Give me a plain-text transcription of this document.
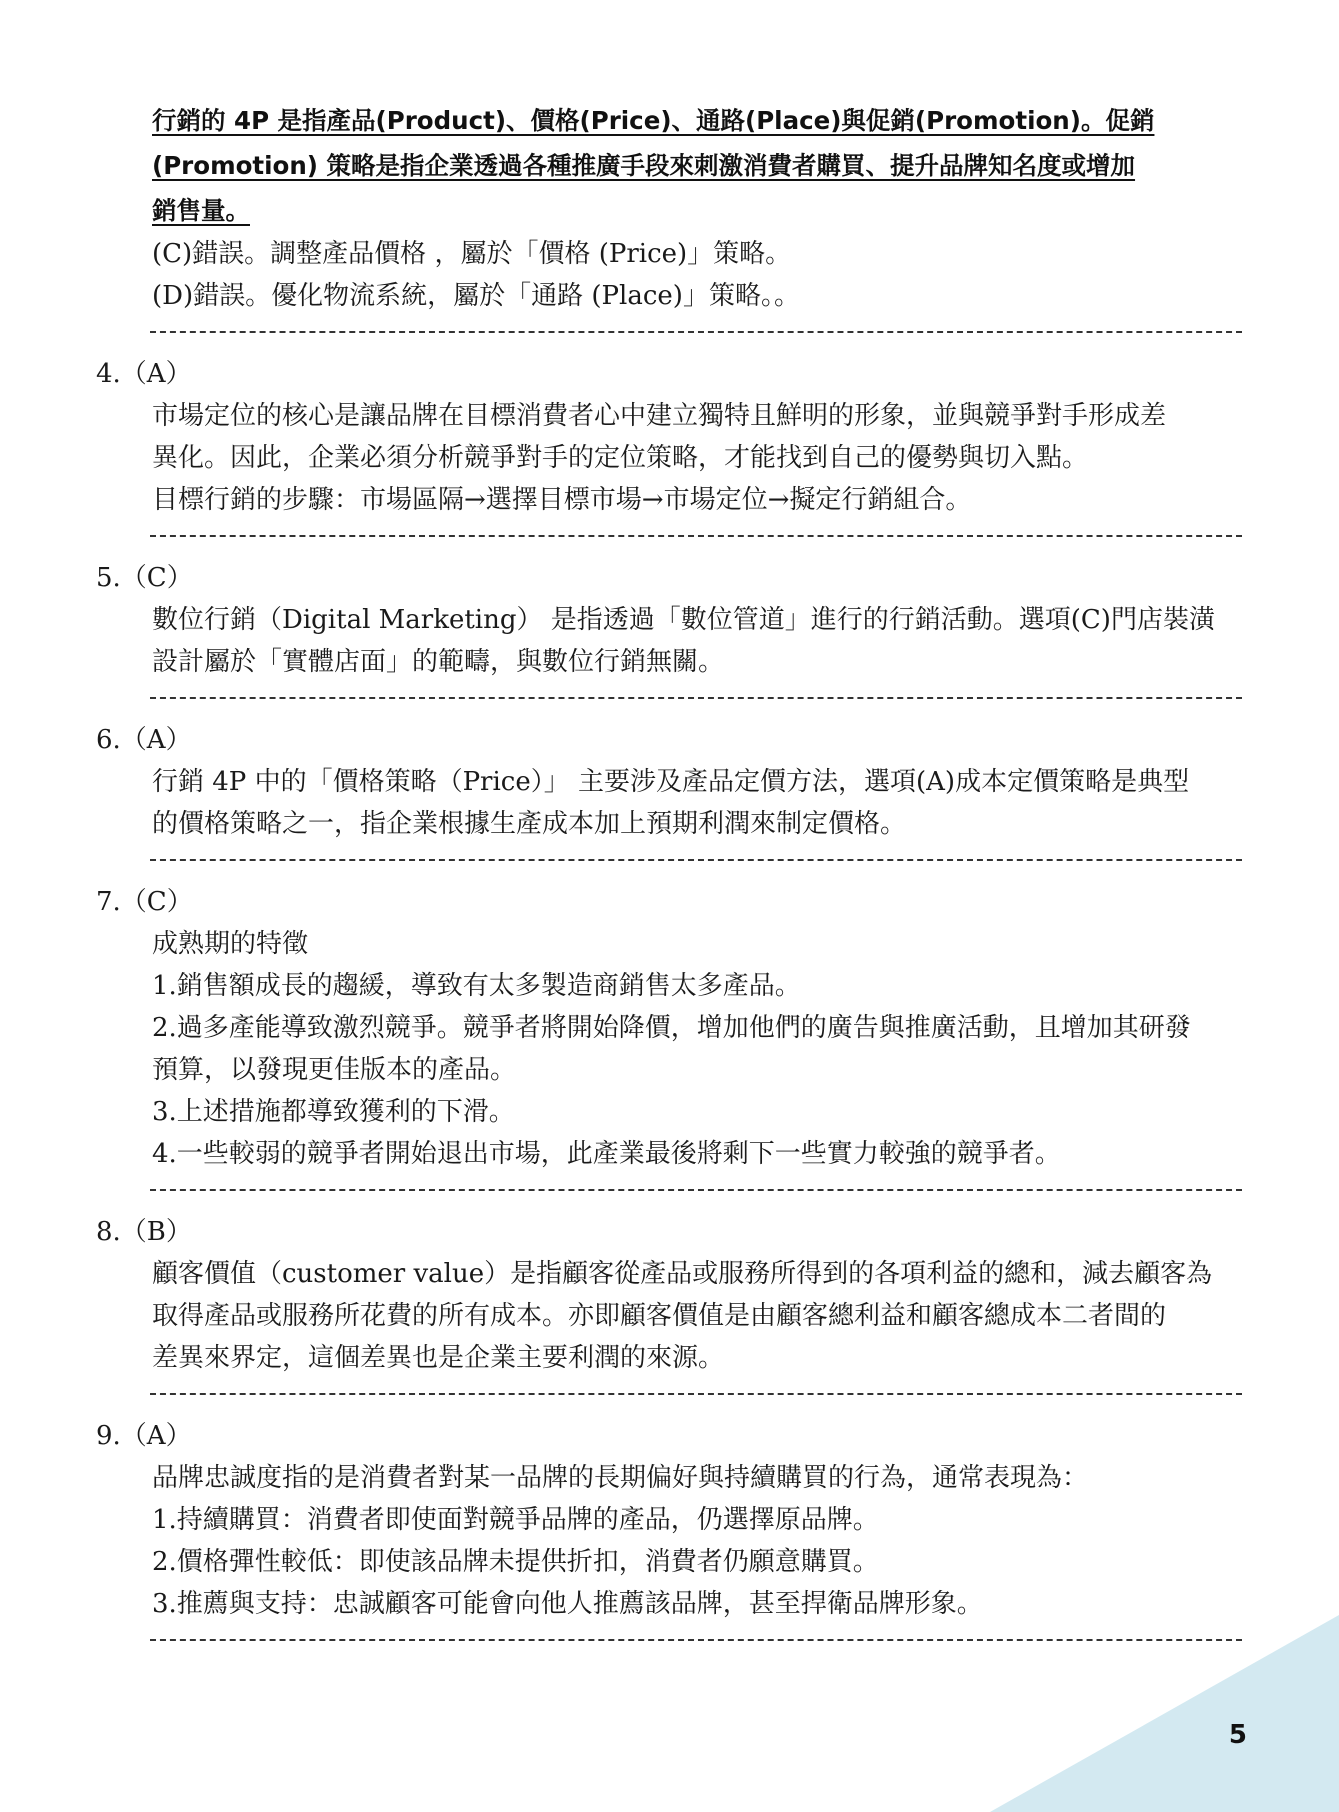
行銷的 4P 是指產品(Product)、價格(Price)、通路(Place)與促銷(Promotion)。促銷
(Promotion) 策略是指企業透過各種推廣手段來刺激消費者購買、提升品牌知名度或增加
銷售量。
(C)錯誤。調整產品價格 ，屬於「價格 (Price)」策略。
(D)錯誤。優化物流系統，屬於「通路 (Place)」策略。。
4.（A）
市場定位的核心是讓品牌在目標消費者心中建立獨特且鮮明的形象，並與競爭對手形成差
異化。因此，企業必須分析競爭對手的定位策略，才能找到自己的優勢與切入點。
目標行銷的步驟：市場區隔→選擇目標市場→市場定位→擬定行銷組合。
5.（C）
數位行銷（Digital Marketing） 是指透過「數位管道」進行的行銷活動。選項(C)門店裝潢
設計屬於「實體店面」的範疇，與數位行銷無關。
6.（A）
行銷 4P 中的「價格策略（Price）」 主要涉及產品定價方法，選項(A)成本定價策略是典型
的價格策略之一，指企業根據生產成本加上預期利潤來制定價格。
7.（C）
成熟期的特徵
1.銷售額成長的趨緩，導致有太多製造商銷售太多產品。
2.過多產能導致激烈競爭。競爭者將開始降價，增加他們的廣告與推廣活動，且增加其研發
預算，以發現更佳版本的產品。
3.上述措施都導致獲利的下滑。
4.一些較弱的競爭者開始退出市場，此產業最後將剩下一些實力較強的競爭者。
8.（B）
顧客價值（customer value）是指顧客從產品或服務所得到的各項利益的總和，減去顧客為
取得產品或服務所花費的所有成本。亦即顧客價值是由顧客總利益和顧客總成本二者間的
差異來界定，這個差異也是企業主要利潤的來源。
9.（A）
品牌忠誠度指的是消費者對某一品牌的長期偏好與持續購買的行為，通常表現為：
1.持續購買：消費者即使面對競爭品牌的產品，仍選擇原品牌。
2.價格彈性較低：即使該品牌未提供折扣，消費者仍願意購買。
3.推薦與支持：忠誠顧客可能會向他人推薦該品牌，甚至捍衛品牌形象。
5
